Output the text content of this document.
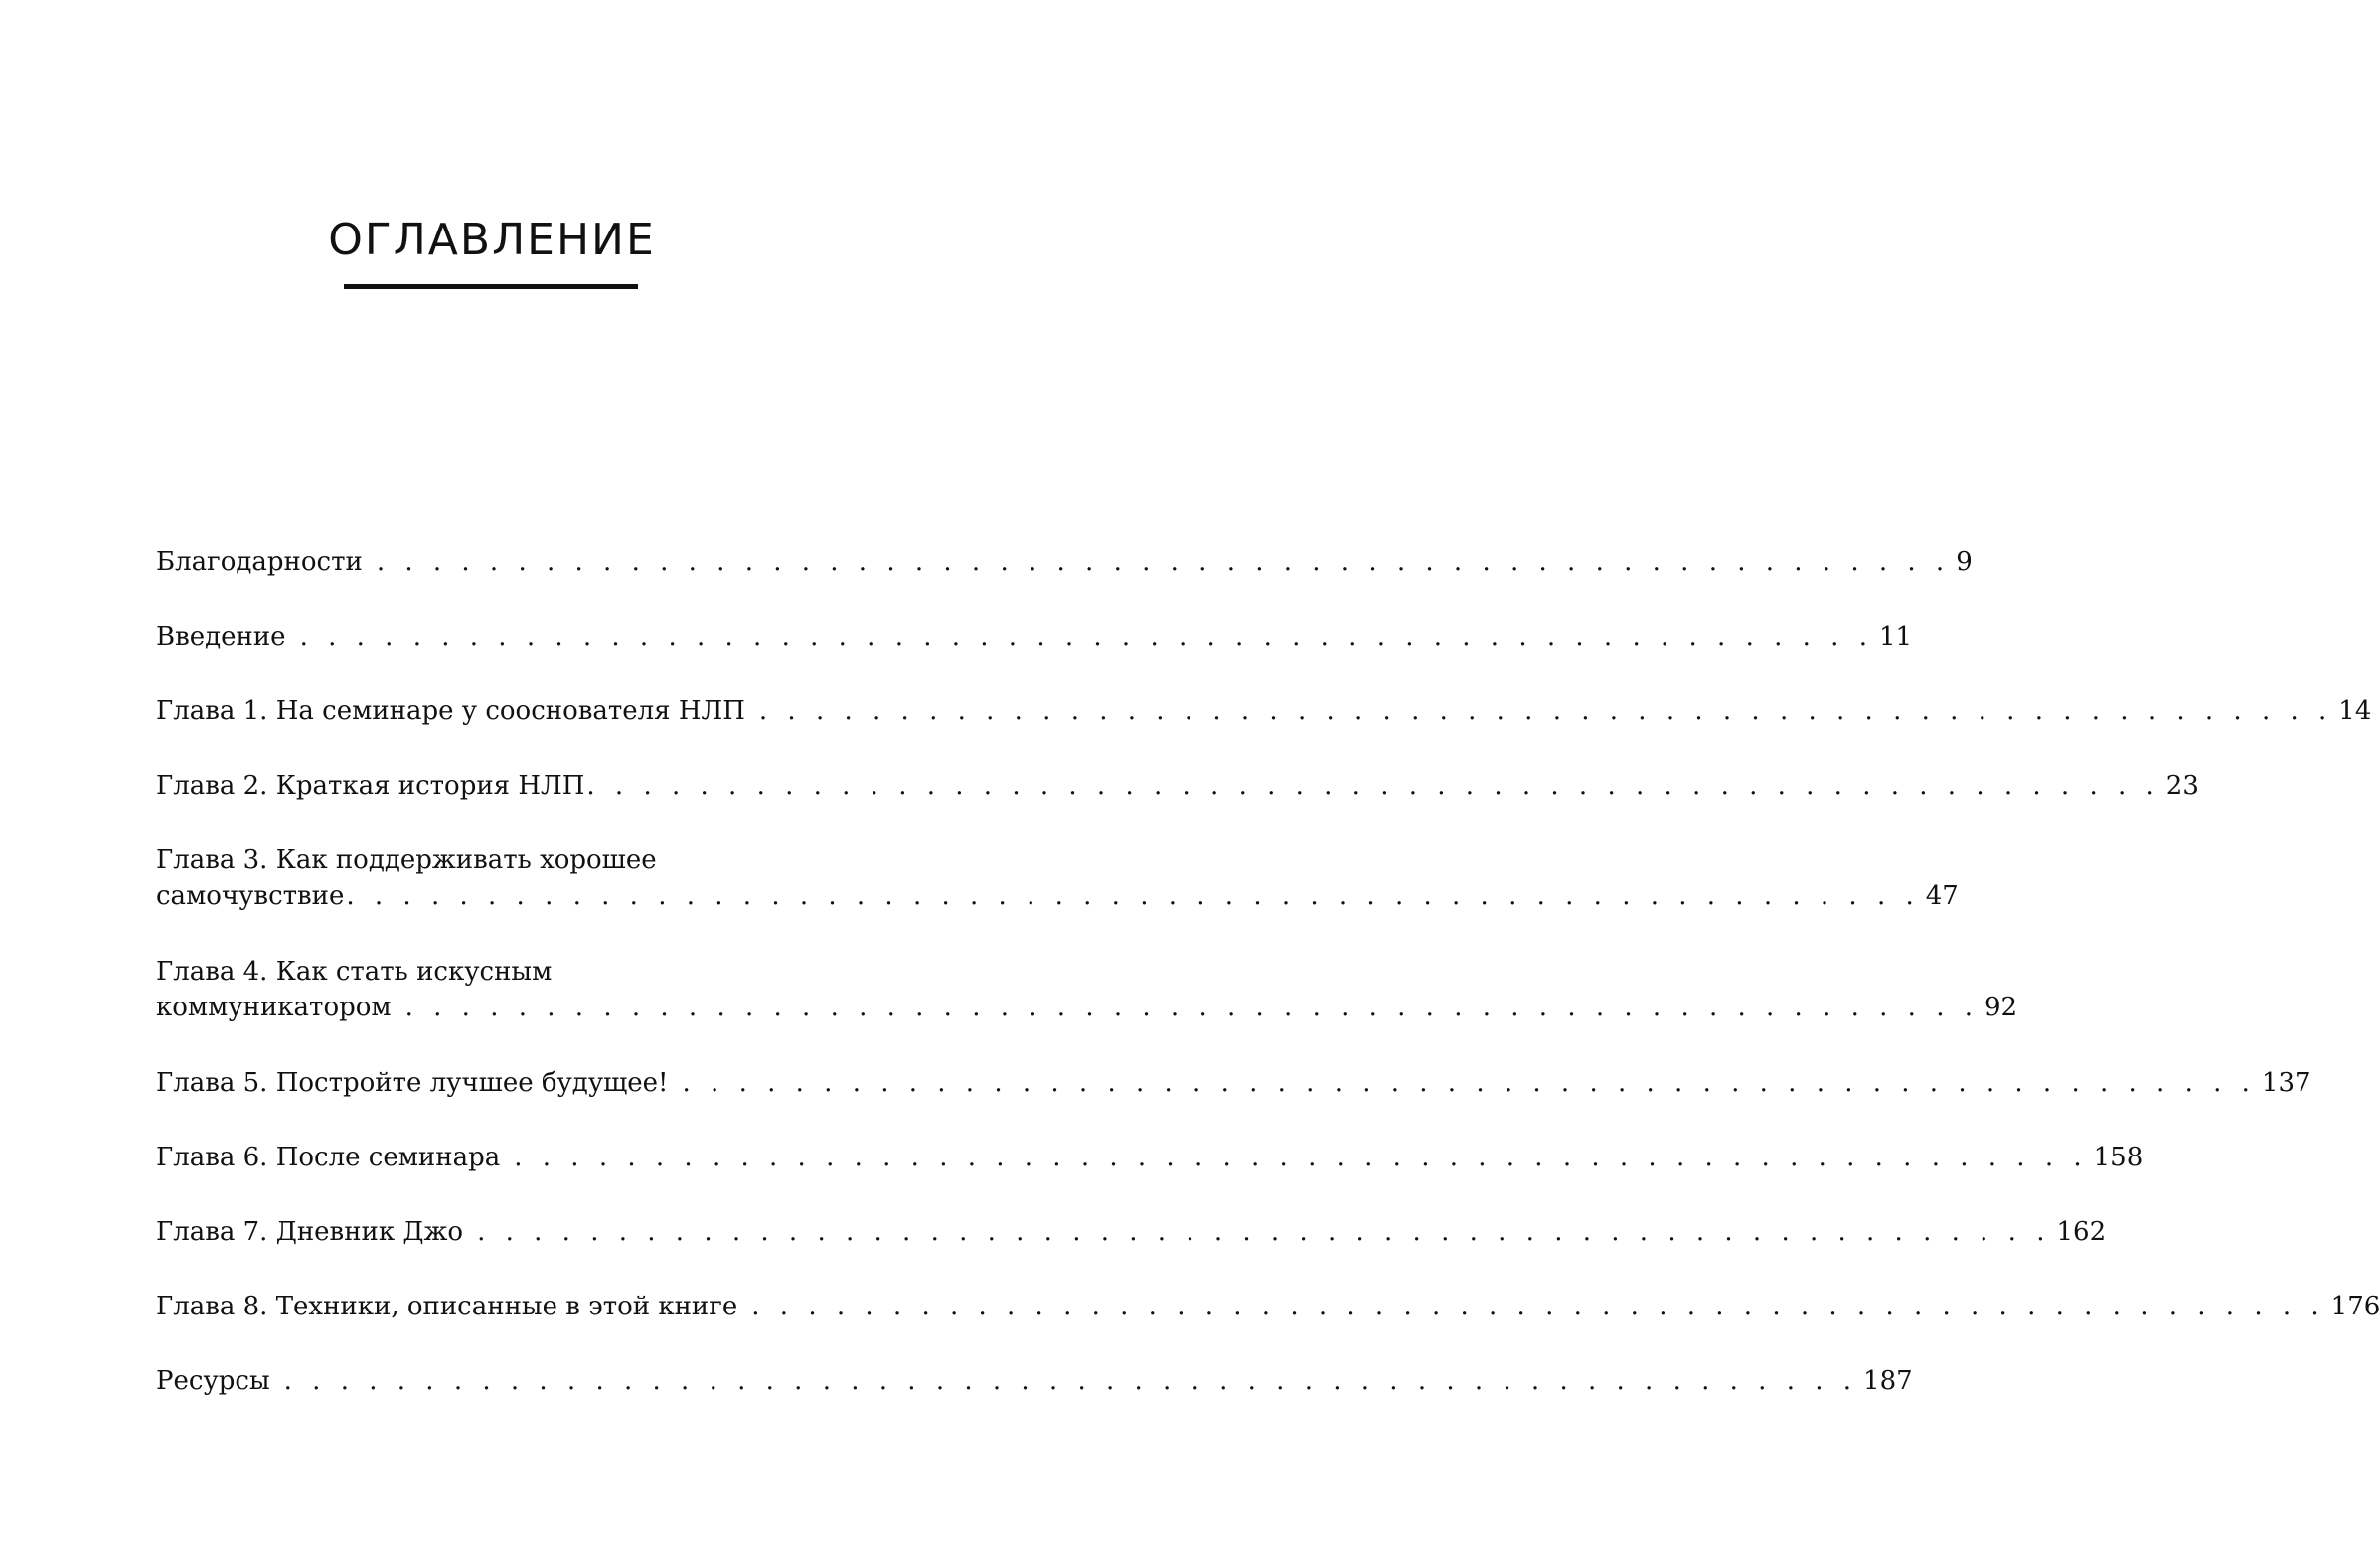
ОГЛАВЛЕНИЕ
Благодарности . . . . . . . . . . . . . . . . . . . . . . . . . . . . . . . . . . . . . . . . . . . . . . . . . . . . . . . . 9
Введение . . . . . . . . . . . . . . . . . . . . . . . . . . . . . . . . . . . . . . . . . . . . . . . . . . . . . . . . 11
Глава 1. На семинаре у сооснователя НЛП . . . . . . . . . . . . . . . . . . . . . . . . . . . . . . . . . . . . . . . . . . . . . . . . . . . . . . . . 14
Глава 2. Краткая история НЛП . . . . . . . . . . . . . . . . . . . . . . . . . . . . . . . . . . . . . . . . . . . . . . . . . . . . . . . . 23
Глава 3. Как поддерживать хорошее
самочувствие . . . . . . . . . . . . . . . . . . . . . . . . . . . . . . . . . . . . . . . . . . . . . . . . . . . . . . . . 47
Глава 4. Как стать искусным
коммуникатором . . . . . . . . . . . . . . . . . . . . . . . . . . . . . . . . . . . . . . . . . . . . . . . . . . . . . . . . 92
Глава 5. Постройте лучшее будущее! . . . . . . . . . . . . . . . . . . . . . . . . . . . . . . . . . . . . . . . . . . . . . . . . . . . . . . . . 137
Глава 6. После семинара . . . . . . . . . . . . . . . . . . . . . . . . . . . . . . . . . . . . . . . . . . . . . . . . . . . . . . . . 158
Глава 7. Дневник Джо . . . . . . . . . . . . . . . . . . . . . . . . . . . . . . . . . . . . . . . . . . . . . . . . . . . . . . . . 162
Глава 8. Техники, описанные в этой книге . . . . . . . . . . . . . . . . . . . . . . . . . . . . . . . . . . . . . . . . . . . . . . . . . . . . . . . . 176
Ресурсы . . . . . . . . . . . . . . . . . . . . . . . . . . . . . . . . . . . . . . . . . . . . . . . . . . . . . . . . 187
